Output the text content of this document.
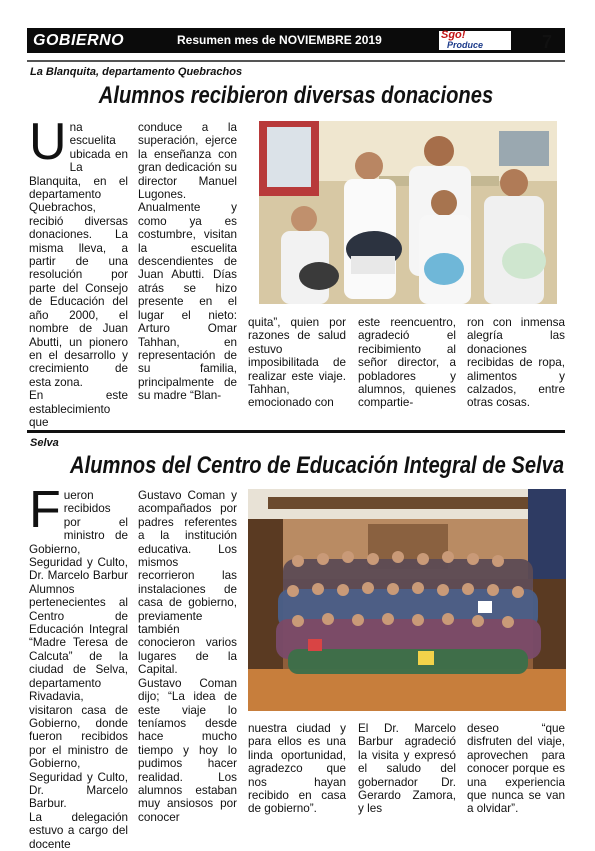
GOBIERNO	Resumen mes de NOVIEMBRE 2019	Sgo!
Produce	7
La Blanquita, departamento Quebrachos
Alumnos recibieron diversas donaciones
U na escuelita ubicada en La Blanquita, en el departamento Quebrachos, recibió diversas donaciones. La misma lleva, a partir de una resolución por parte del Consejo de Educación del año 2000, el nombre de Juan Abutti, un pionero en el desarrollo y crecimiento de esta zona.

En este establecimiento que

conduce a la superación, ejerce la enseñanza con gran dedicación su director Manuel Lugones. Anualmente y como ya es costumbre, visitan la escuelita descendientes de Juan Abutti. Días atrás se hizo presente en el lugar el nieto: Arturo Omar Tahhan, en representación de su familia, principalmente de su madre “Blan-

quita”, quien por razones de salud estuvo imposibilitada de realizar este viaje. Tahhan, emocionado con

este reencuentro, agradeció el recibimiento al señor director, a pobladores y alumnos, quienes compartie-

ron con inmensa alegría las donaciones recibidas de ropa, alimentos y calzados, entre otras cosas.

Selva
Alumnos del Centro de Educación Integral de Selva
F ueron recibidos por el ministro de Gobierno, Seguridad y Culto, Dr. Marcelo Barbur Alumnos pertenecientes al Centro de Educación Integral “Madre Teresa de Calcuta” de la ciudad de Selva, departamento Rivadavia, visitaron casa de Gobierno, donde fueron recibidos por el ministro de Gobierno, Seguridad y Culto, Dr. Marcelo Barbur.

La delegación estuvo a cargo del docente

Gustavo Coman y acompañados por padres referentes a la institución educativa. Los mismos recorrieron las instalaciones de casa de gobierno, previamente también conocieron varios lugares de la Capital.

Gustavo Coman dijo; “La idea de este viaje lo teníamos desde hace mucho tiempo y hoy lo pudimos hacer realidad. Los alumnos estaban muy ansiosos por conocer

nuestra ciudad y para ellos es una linda oportunidad, agradezco que nos hayan recibido en casa de gobierno”.

El Dr. Marcelo Barbur agradeció la visita y expresó el saludo del gobernador Dr. Gerardo Zamora, y les

deseo “que disfruten del viaje, aprovechen para conocer porque es una experiencia que nunca se van a olvidar”.
